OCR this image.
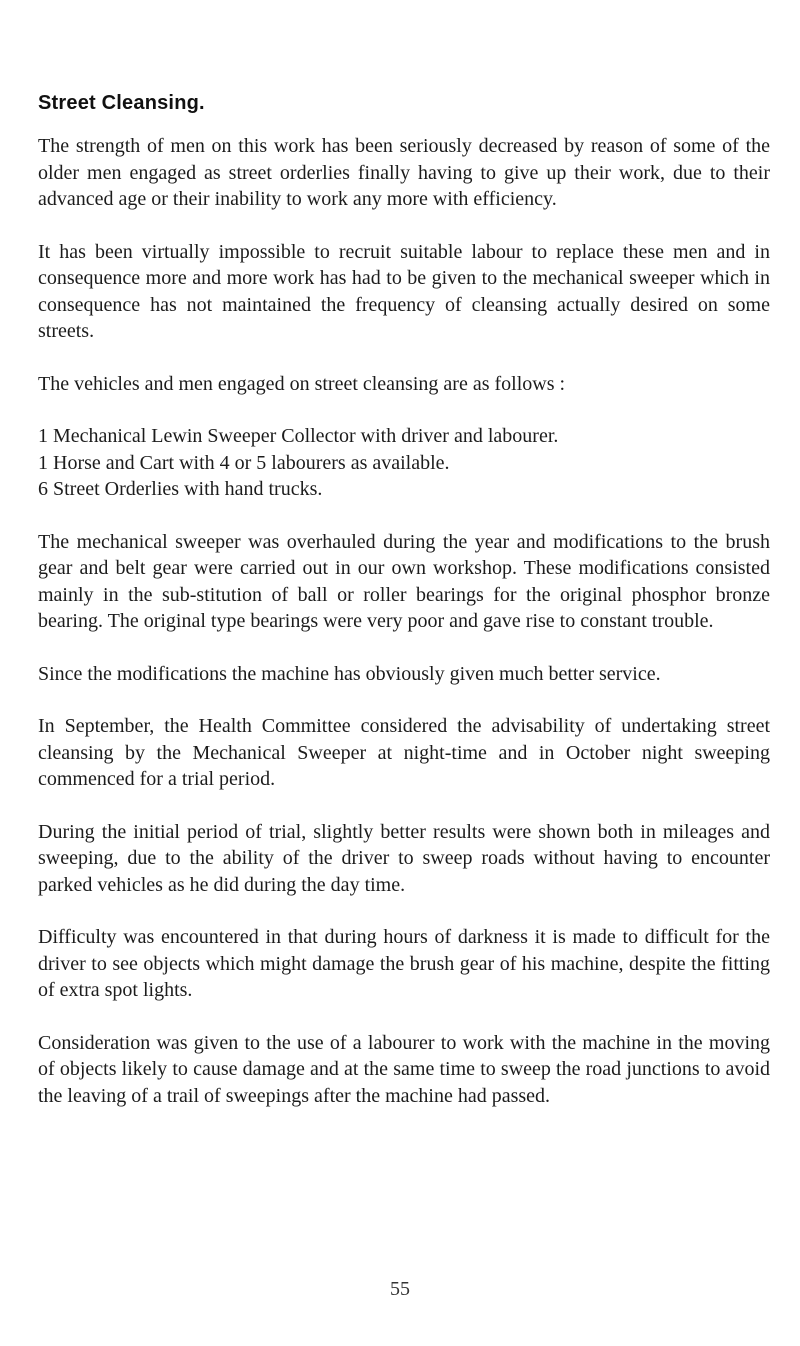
Street Cleansing.

The strength of men on this work has been seriously decreased by reason of some of the older men engaged as street orderlies finally having to give up their work, due to their advanced age or their inability to work any more with efficiency.

It has been virtually impossible to recruit suitable labour to replace these men and in consequence more and more work has had to be given to the mechanical sweeper which in consequence has not maintained the frequency of cleansing actually desired on some streets.

The vehicles and men engaged on street cleansing are as follows :

1 Mechanical Lewin Sweeper Collector with driver and labourer.
1 Horse and Cart with 4 or 5 labourers as available.
6 Street Orderlies with hand trucks.

The mechanical sweeper was overhauled during the year and modifications to the brush gear and belt gear were carried out in our own workshop. These modifications consisted mainly in the sub-stitution of ball or roller bearings for the original phosphor bronze bearing. The original type bearings were very poor and gave rise to constant trouble.

Since the modifications the machine has obviously given much better service.

In September, the Health Committee considered the advisability of undertaking street cleansing by the Mechanical Sweeper at night-time and in October night sweeping commenced for a trial period.

During the initial period of trial, slightly better results were shown both in mileages and sweeping, due to the ability of the driver to sweep roads without having to encounter parked vehicles as he did during the day time.

Difficulty was encountered in that during hours of darkness it is made to difficult for the driver to see objects which might damage the brush gear of his machine, despite the fitting of extra spot lights.

Consideration was given to the use of a labourer to work with the machine in the moving of objects likely to cause damage and at the same time to sweep the road junctions to avoid the leaving of a trail of sweepings after the machine had passed.

55
